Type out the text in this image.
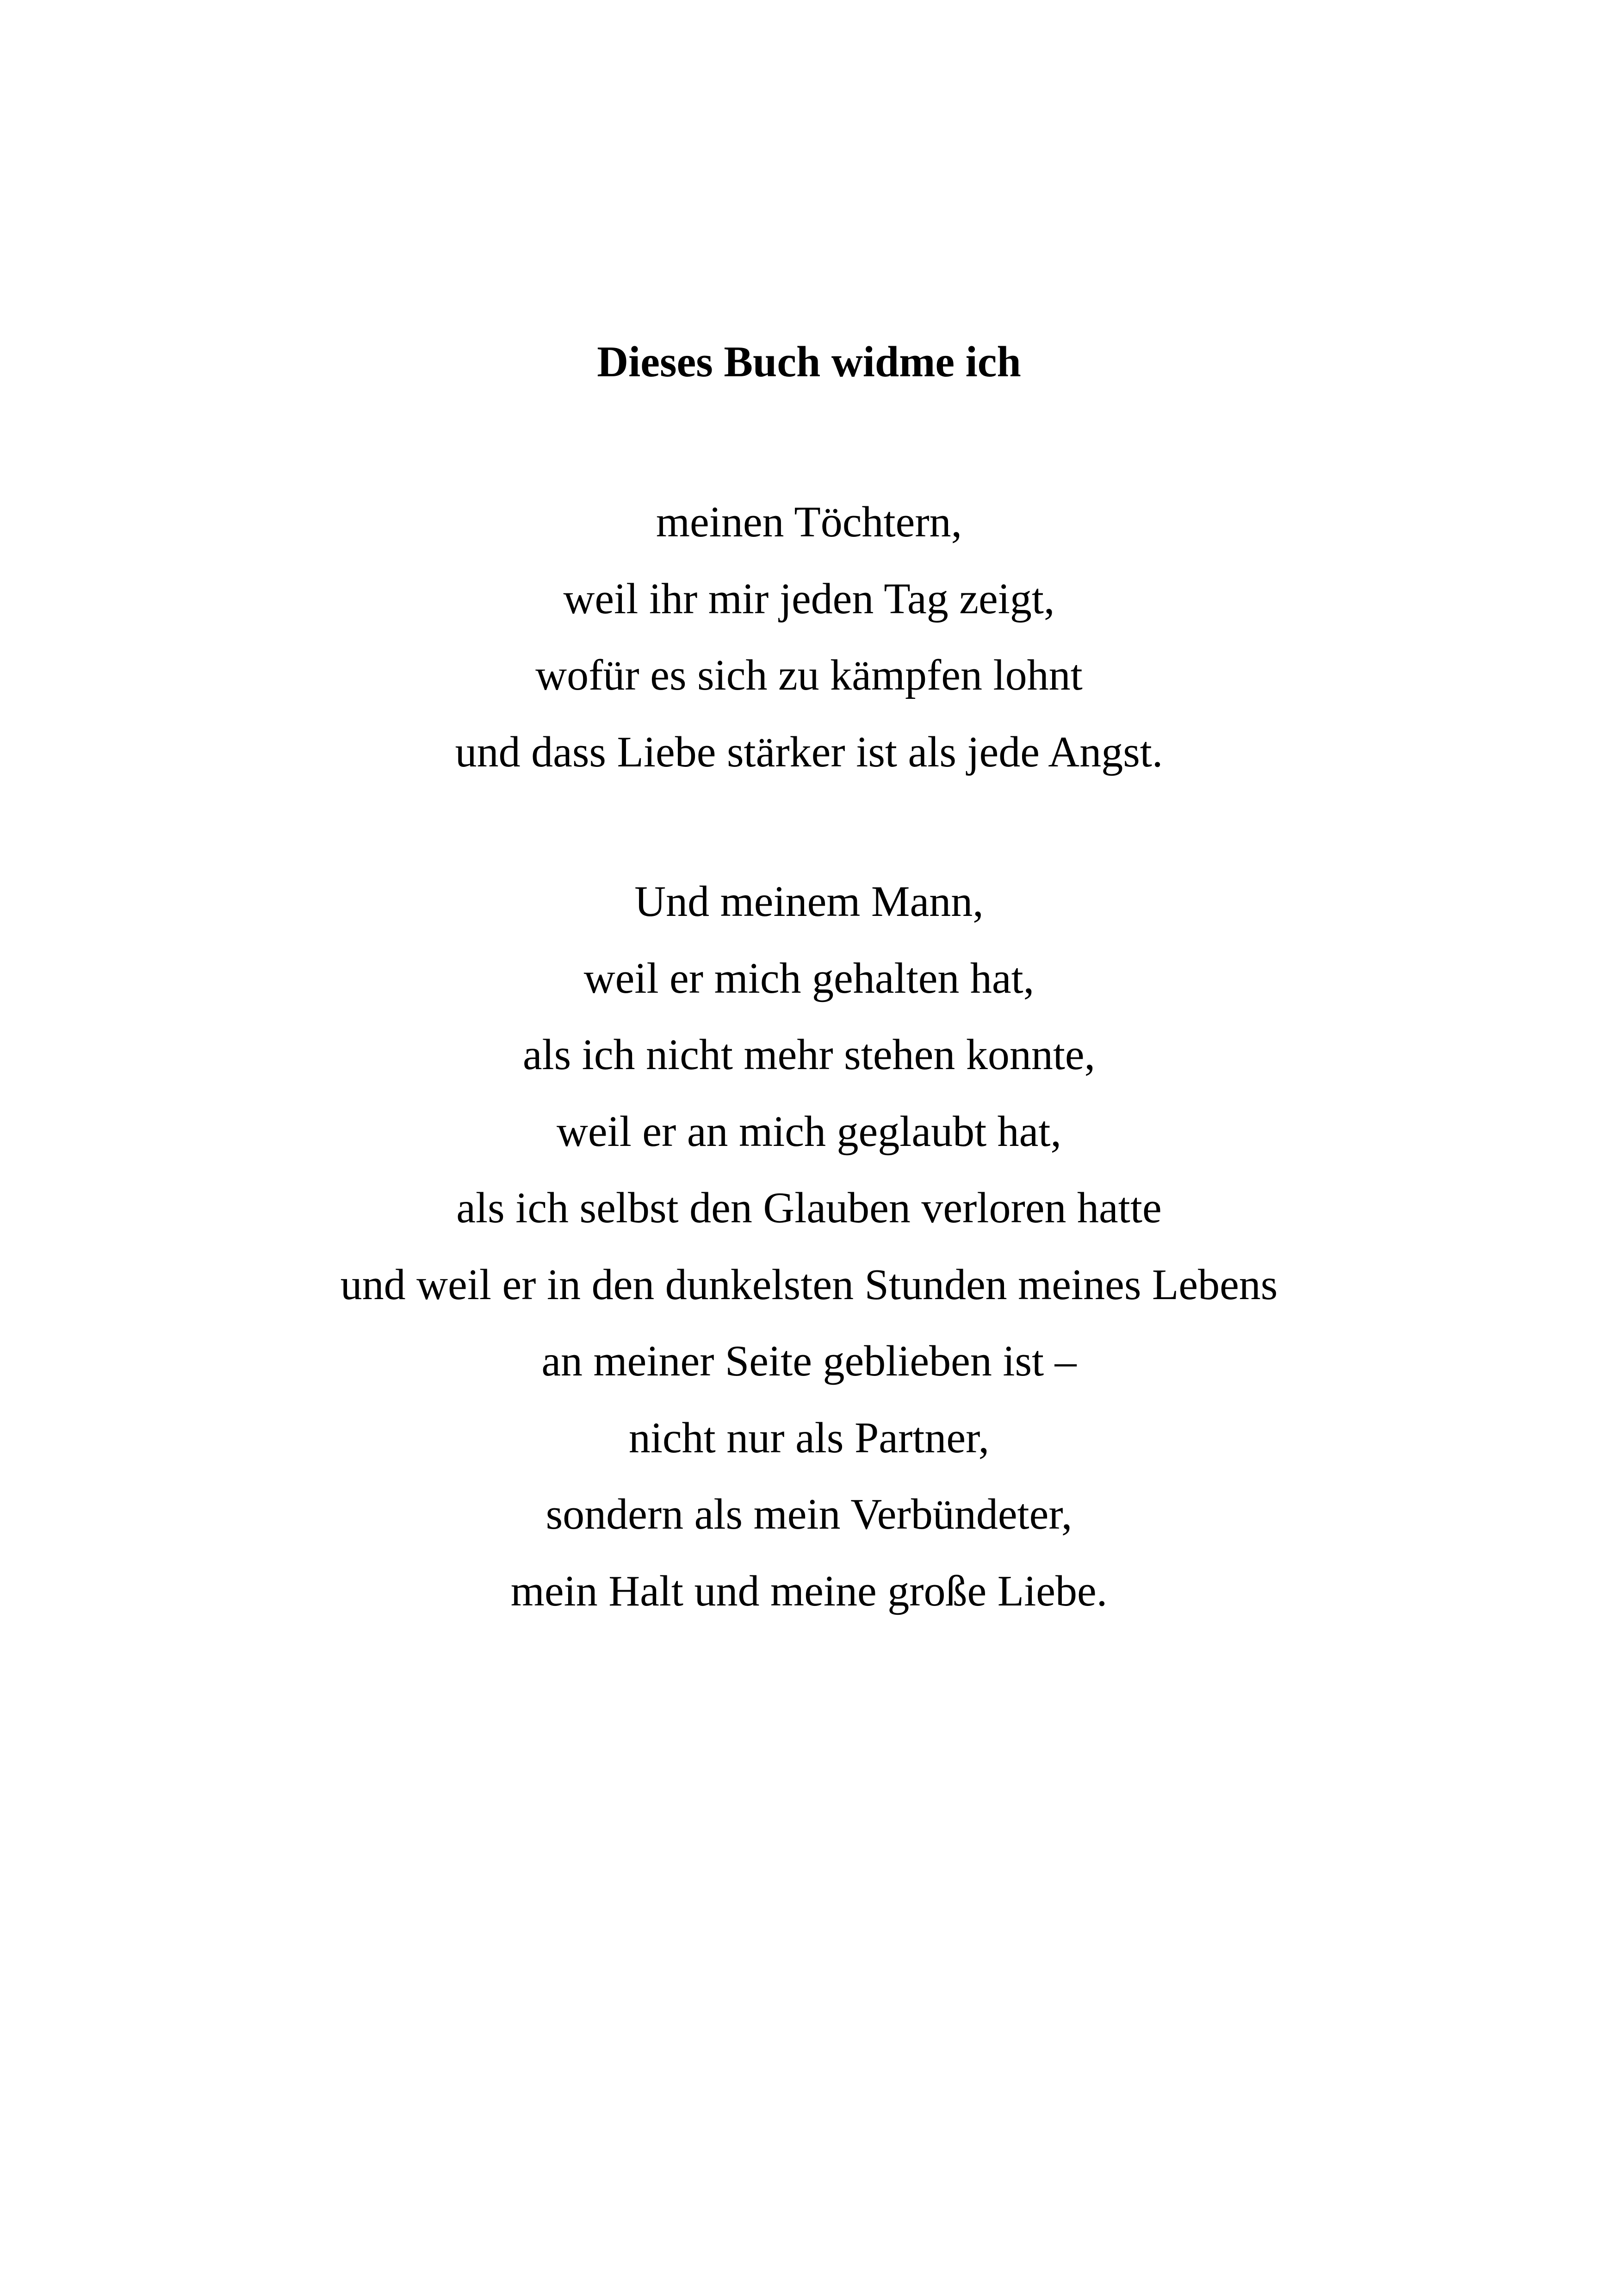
Dieses Buch widme ich
meinen Töchtern,
weil ihr mir jeden Tag zeigt,
wofür es sich zu kämpfen lohnt
und dass Liebe stärker ist als jede Angst.
Und meinem Mann,
weil er mich gehalten hat,
als ich nicht mehr stehen konnte,
weil er an mich geglaubt hat,
als ich selbst den Glauben verloren hatte
und weil er in den dunkelsten Stunden meines Lebens
an meiner Seite geblieben ist –
nicht nur als Partner,
sondern als mein Verbündeter,
mein Halt und meine große Liebe.
